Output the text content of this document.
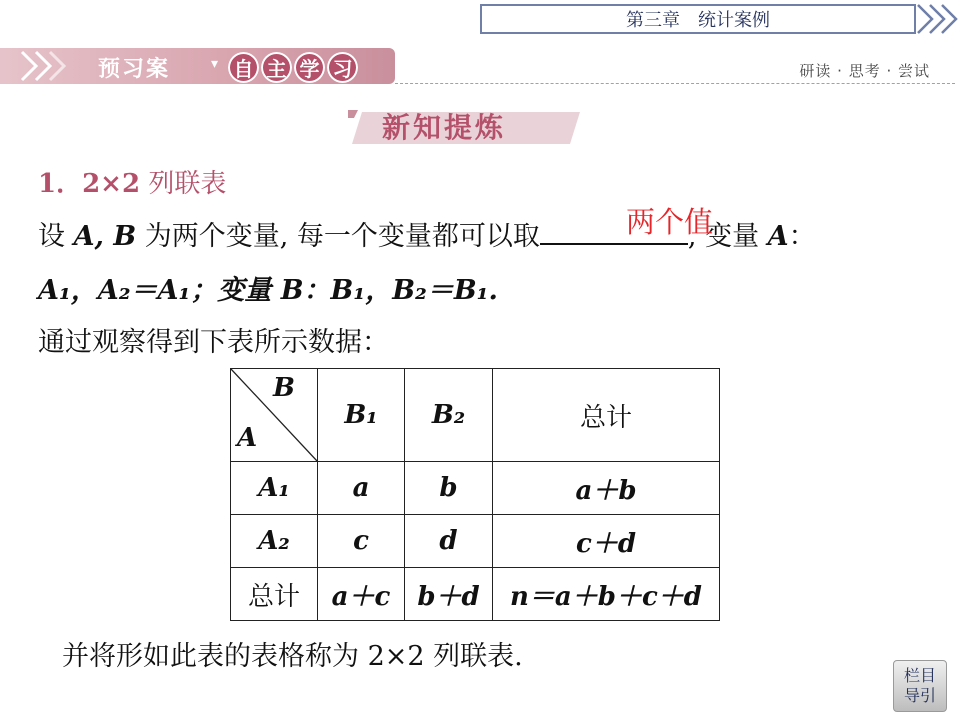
第三章　统计案例
预习案	▾ 自 主 学 习	研读 · 思考 · 尝试
新知提炼
1．2×2 列联表
设 A, B 为两个变量, 每一个变量都可以取	, 变量 A：
两个值
A₁，A₂＝A₁；变量 B：B₁，B₂＝B₁.
通过观察得到下表所示数据：
B
A	B₁	B₂	总计
A₁	a	b	a＋b
A₂	c	d	c＋d
总计	a＋c	b＋d	n＝a＋b＋c＋d
并将形如此表的表格称为 2×2 列联表.
栏目
导引
